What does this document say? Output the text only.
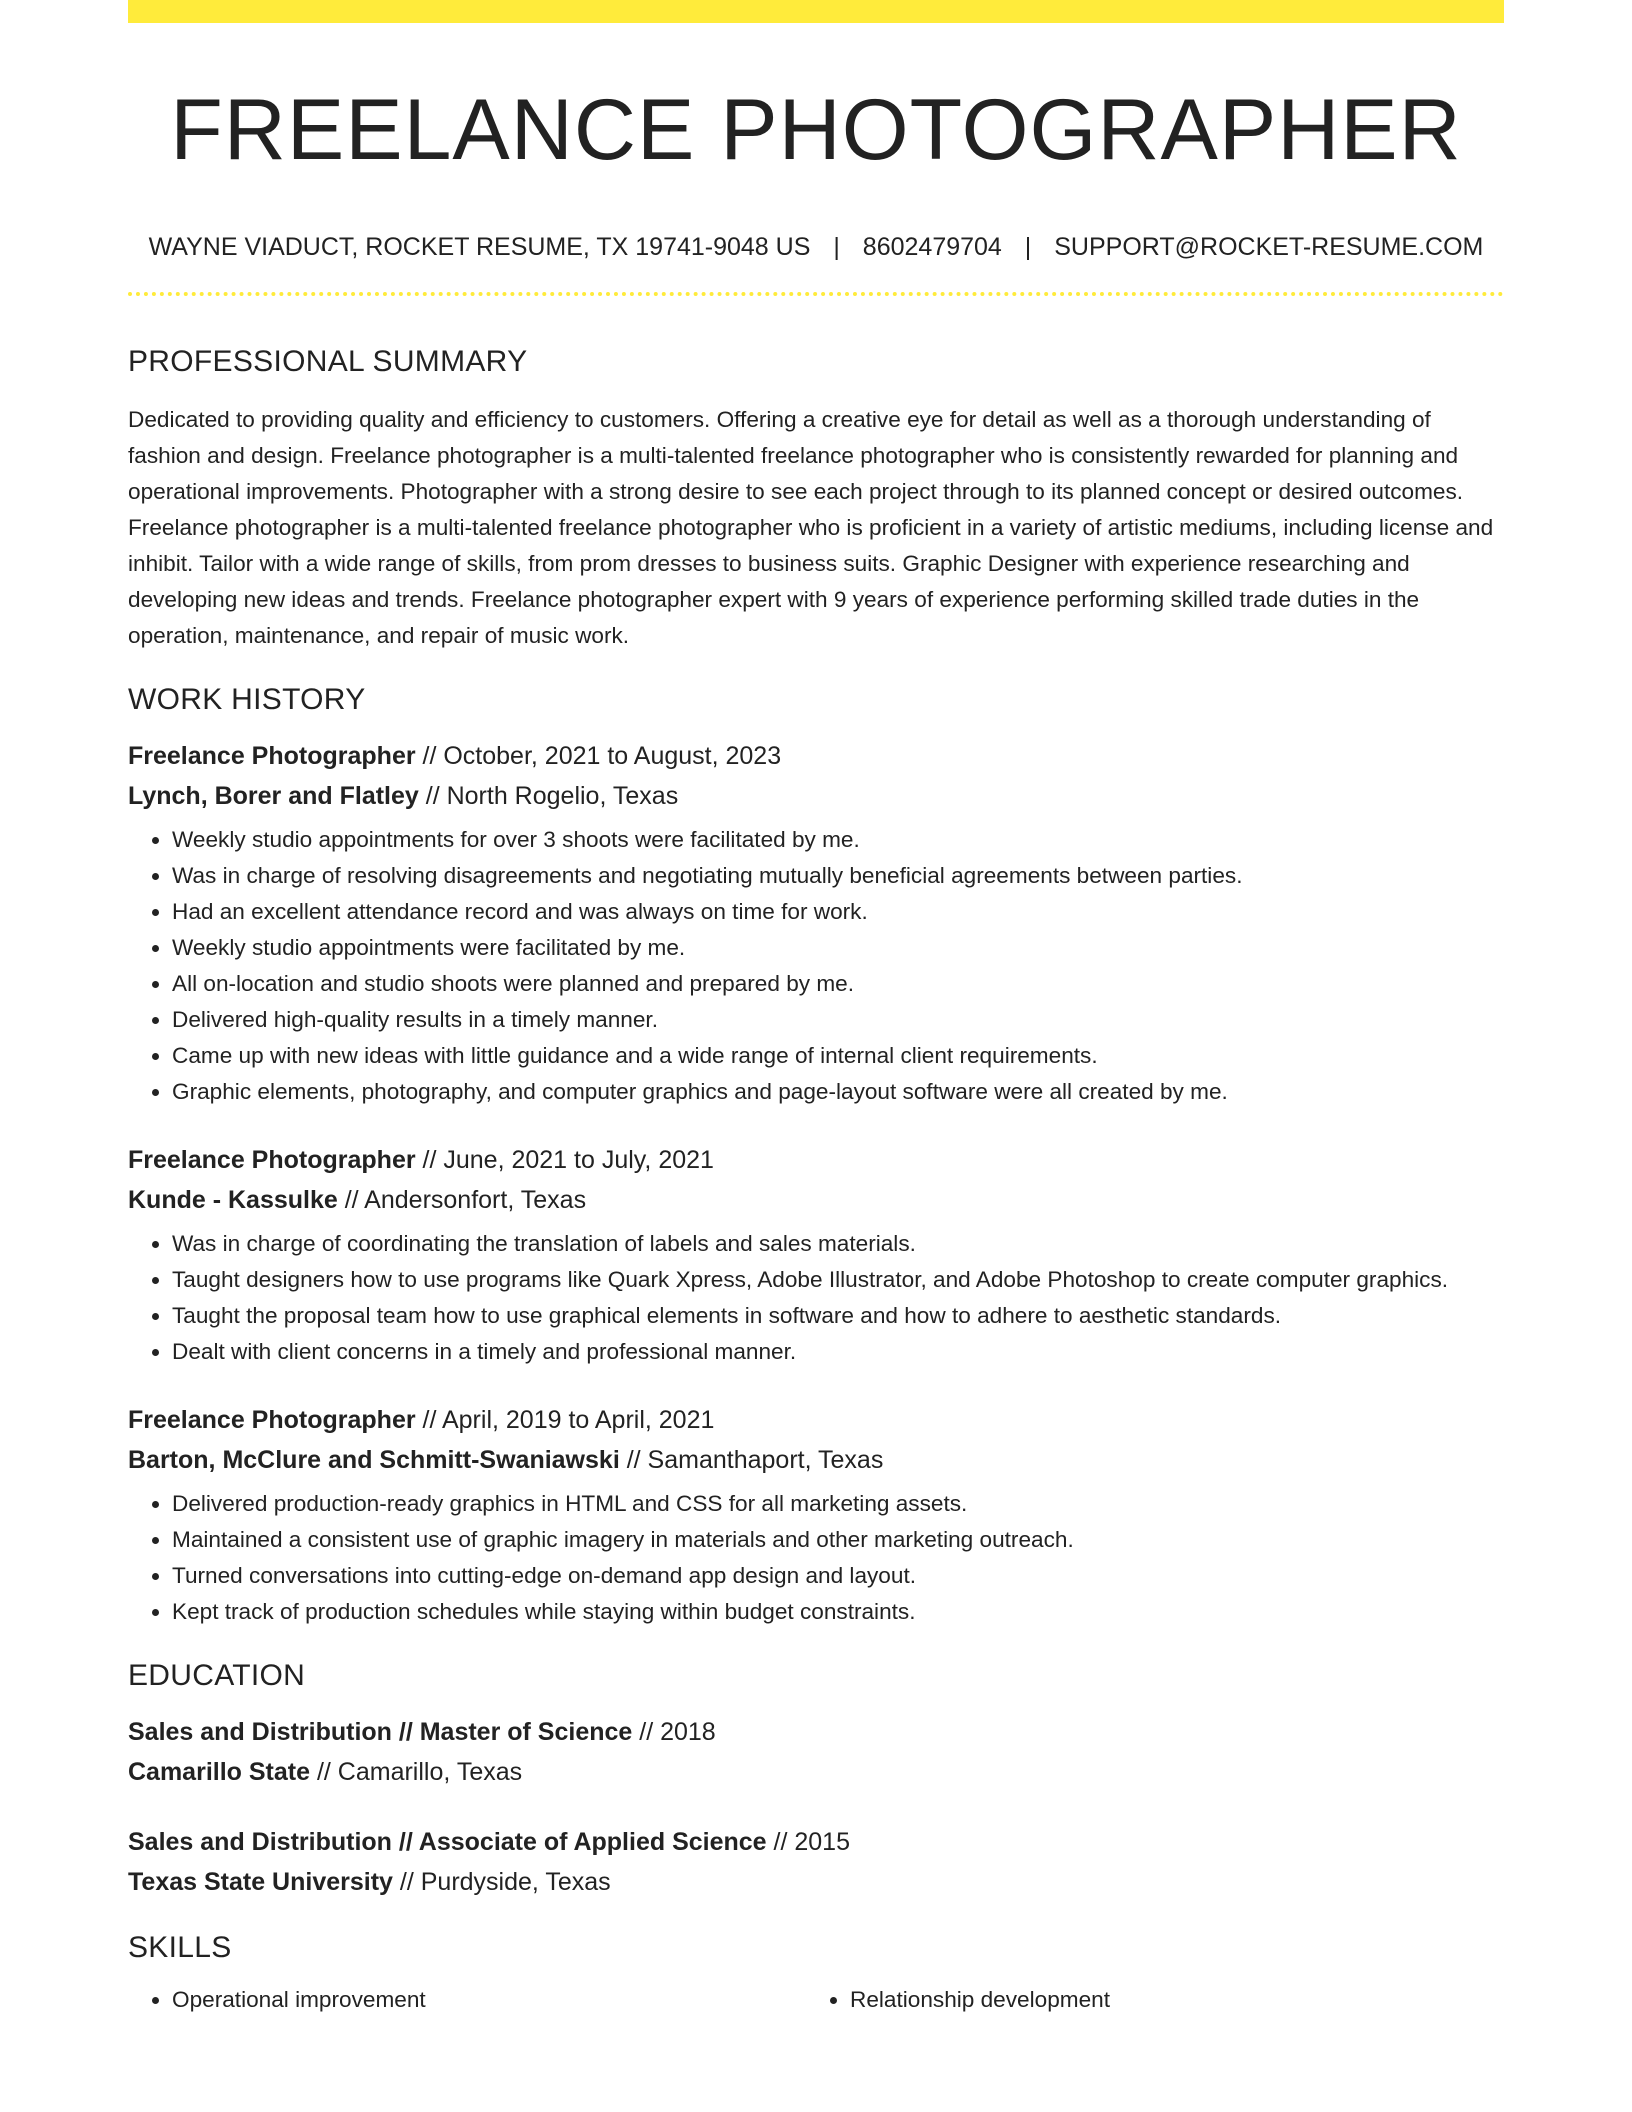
FREELANCE PHOTOGRAPHER
WAYNE VIADUCT, ROCKET RESUME, TX 19741-9048 US | 8602479704 | SUPPORT@ROCKET-RESUME.COM
PROFESSIONAL SUMMARY

Dedicated to providing quality and efficiency to customers. Offering a creative eye for detail as well as a thorough understanding of fashion and design. Freelance photographer is a multi-talented freelance photographer who is consistently rewarded for planning and operational improvements. Photographer with a strong desire to see each project through to its planned concept or desired outcomes. Freelance photographer is a multi-talented freelance photographer who is proficient in a variety of artistic mediums, including license and inhibit. Tailor with a wide range of skills, from prom dresses to business suits. Graphic Designer with experience researching and developing new ideas and trends. Freelance photographer expert with 9 years of experience performing skilled trade duties in the operation, maintenance, and repair of music work.

WORK HISTORY
Freelance Photographer // October, 2021 to August, 2023
Lynch, Borer and Flatley // North Rogelio, Texas
• Weekly studio appointments for over 3 shoots were facilitated by me.
• Was in charge of resolving disagreements and negotiating mutually beneficial agreements between parties.
• Had an excellent attendance record and was always on time for work.
• Weekly studio appointments were facilitated by me.
• All on-location and studio shoots were planned and prepared by me.
• Delivered high-quality results in a timely manner.
• Came up with new ideas with little guidance and a wide range of internal client requirements.
• Graphic elements, photography, and computer graphics and page-layout software were all created by me.
Freelance Photographer // June, 2021 to July, 2021
Kunde - Kassulke // Andersonfort, Texas
• Was in charge of coordinating the translation of labels and sales materials.
• Taught designers how to use programs like Quark Xpress, Adobe Illustrator, and Adobe Photoshop to create computer graphics.
• Taught the proposal team how to use graphical elements in software and how to adhere to aesthetic standards.
• Dealt with client concerns in a timely and professional manner.
Freelance Photographer // April, 2019 to April, 2021
Barton, McClure and Schmitt-Swaniawski // Samanthaport, Texas
• Delivered production-ready graphics in HTML and CSS for all marketing assets.
• Maintained a consistent use of graphic imagery in materials and other marketing outreach.
• Turned conversations into cutting-edge on-demand app design and layout.
• Kept track of production schedules while staying within budget constraints.
EDUCATION
Sales and Distribution // Master of Science // 2018
Camarillo State // Camarillo, Texas
Sales and Distribution // Associate of Applied Science // 2015
Texas State University // Purdyside, Texas
SKILLS
• Operational improvement
•	Relationship development
